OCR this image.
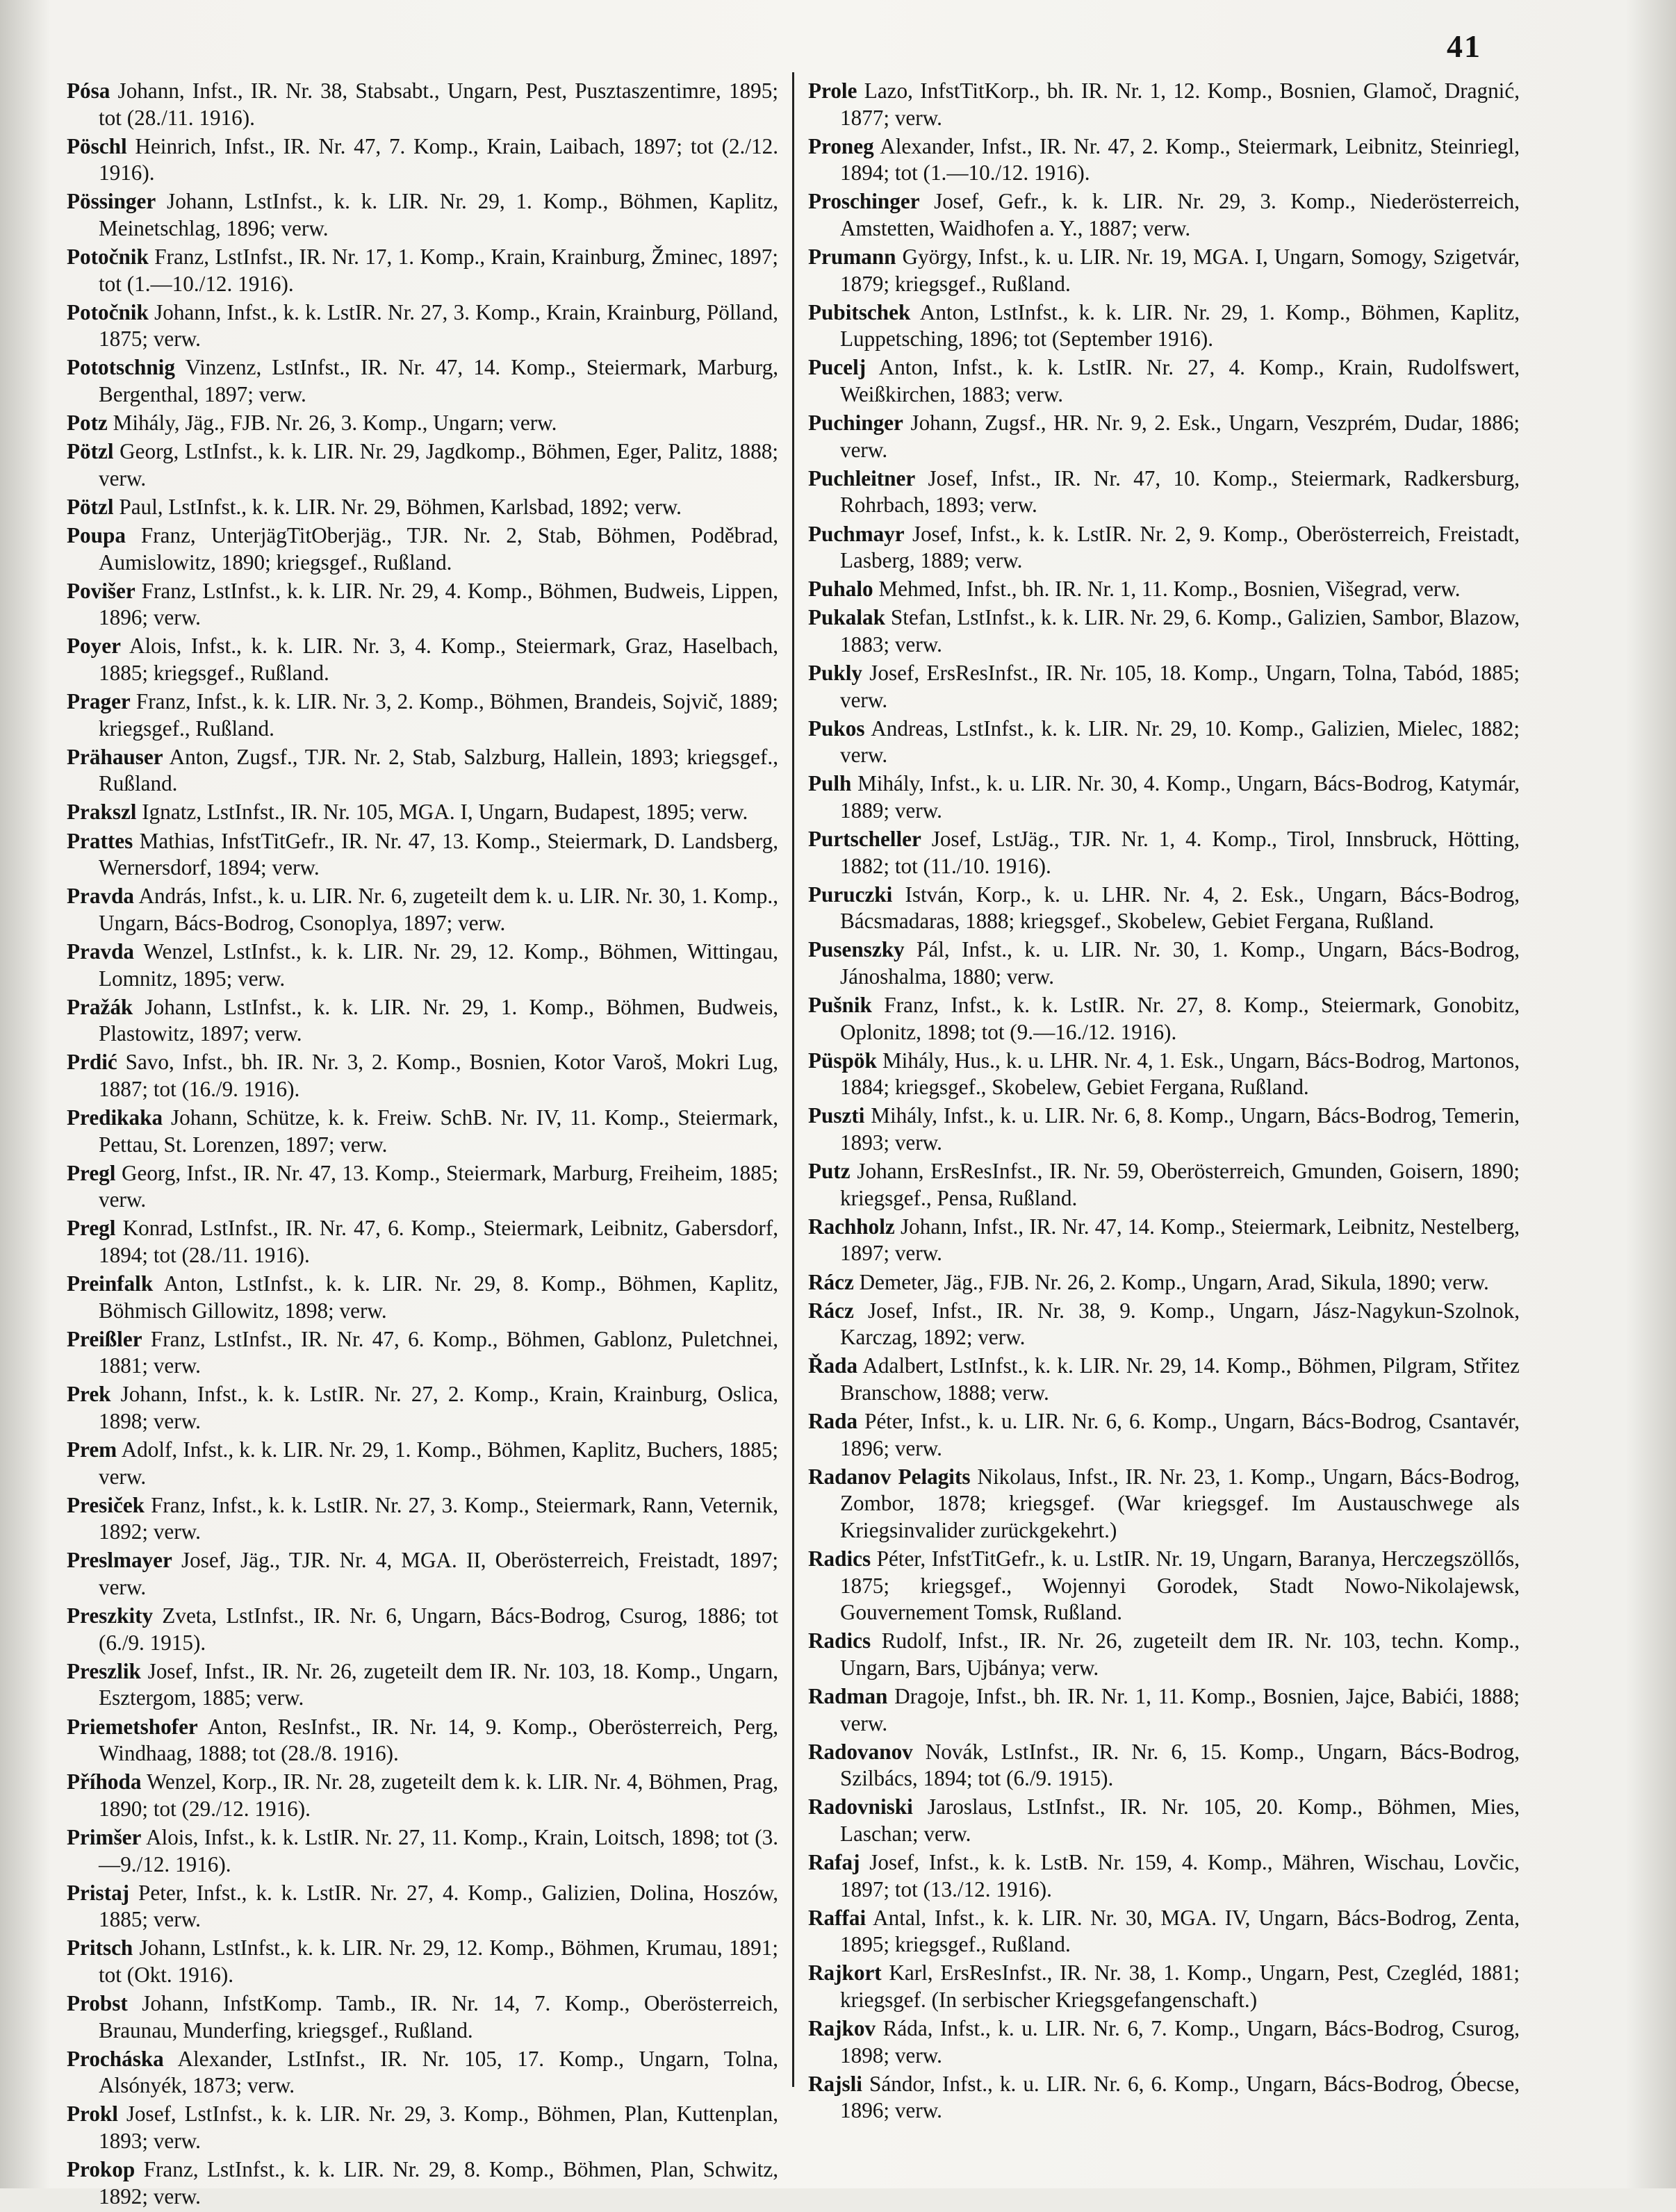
41

Pósa Johann, Infst., IR. Nr. 38, Stabsabt., Ungarn, Pest, Pusztaszentimre, 1895; tot (28./11. 1916).

Pöschl Heinrich, Infst., IR. Nr. 47, 7. Komp., Krain, Laibach, 1897; tot (2./12. 1916).

Pössinger Johann, LstInfst., k. k. LIR. Nr. 29, 1. Komp., Böhmen, Kaplitz, Meinetschlag, 1896; verw.

Potočnik Franz, LstInfst., IR. Nr. 17, 1. Komp., Krain, Krainburg, Žminec, 1897; tot (1.—10./12. 1916).

Potočnik Johann, Infst., k. k. LstIR. Nr. 27, 3. Komp., Krain, Krainburg, Pölland, 1875; verw.

Pototschnig Vinzenz, LstInfst., IR. Nr. 47, 14. Komp., Steiermark, Marburg, Bergenthal, 1897; verw.

Potz Mihály, Jäg., FJB. Nr. 26, 3. Komp., Ungarn; verw.

Pötzl Georg, LstInfst., k. k. LIR. Nr. 29, Jagdkomp., Böhmen, Eger, Palitz, 1888; verw.

Pötzl Paul, LstInfst., k. k. LIR. Nr. 29, Böhmen, Karlsbad, 1892; verw.

Poupa Franz, UnterjägTitOberjäg., TJR. Nr. 2, Stab, Böhmen, Poděbrad, Aumislowitz, 1890; kriegsgef., Rußland.

Povišer Franz, LstInfst., k. k. LIR. Nr. 29, 4. Komp., Böhmen, Budweis, Lippen, 1896; verw.

Poyer Alois, Infst., k. k. LIR. Nr. 3, 4. Komp., Steiermark, Graz, Haselbach, 1885; kriegsgef., Rußland.

Prager Franz, Infst., k. k. LIR. Nr. 3, 2. Komp., Böhmen, Brandeis, Sojvič, 1889; kriegsgef., Rußland.

Prähauser Anton, Zugsf., TJR. Nr. 2, Stab, Salzburg, Hallein, 1893; kriegsgef., Rußland.

Prakszl Ignatz, LstInfst., IR. Nr. 105, MGA. I, Ungarn, Budapest, 1895; verw.

Prattes Mathias, InfstTitGefr., IR. Nr. 47, 13. Komp., Steiermark, D. Landsberg, Wernersdorf, 1894; verw.

Pravda András, Infst., k. u. LIR. Nr. 6, zugeteilt dem k. u. LIR. Nr. 30, 1. Komp., Ungarn, Bács-Bodrog, Csonoplya, 1897; verw.

Pravda Wenzel, LstInfst., k. k. LIR. Nr. 29, 12. Komp., Böhmen, Wittingau, Lomnitz, 1895; verw.

Pražák Johann, LstInfst., k. k. LIR. Nr. 29, 1. Komp., Böhmen, Budweis, Plastowitz, 1897; verw.

Prdić Savo, Infst., bh. IR. Nr. 3, 2. Komp., Bosnien, Kotor Varoš, Mokri Lug, 1887; tot (16./9. 1916).

Predikaka Johann, Schütze, k. k. Freiw. SchB. Nr. IV, 11. Komp., Steiermark, Pettau, St. Lorenzen, 1897; verw.

Pregl Georg, Infst., IR. Nr. 47, 13. Komp., Steiermark, Marburg, Freiheim, 1885; verw.

Pregl Konrad, LstInfst., IR. Nr. 47, 6. Komp., Steiermark, Leibnitz, Gabersdorf, 1894; tot (28./11. 1916).

Preinfalk Anton, LstInfst., k. k. LIR. Nr. 29, 8. Komp., Böhmen, Kaplitz, Böhmisch Gillowitz, 1898; verw.

Preißler Franz, LstInfst., IR. Nr. 47, 6. Komp., Böhmen, Gablonz, Puletchnei, 1881; verw.

Prek Johann, Infst., k. k. LstIR. Nr. 27, 2. Komp., Krain, Krainburg, Oslica, 1898; verw.

Prem Adolf, Infst., k. k. LIR. Nr. 29, 1. Komp., Böhmen, Kaplitz, Buchers, 1885; verw.

Presiček Franz, Infst., k. k. LstIR. Nr. 27, 3. Komp., Steiermark, Rann, Veternik, 1892; verw.

Preslmayer Josef, Jäg., TJR. Nr. 4, MGA. II, Oberösterreich, Freistadt, 1897; verw.

Preszkity Zveta, LstInfst., IR. Nr. 6, Ungarn, Bács-Bodrog, Csurog, 1886; tot (6./9. 1915).

Preszlik Josef, Infst., IR. Nr. 26, zugeteilt dem IR. Nr. 103, 18. Komp., Ungarn, Esztergom, 1885; verw.

Priemetshofer Anton, ResInfst., IR. Nr. 14, 9. Komp., Oberösterreich, Perg, Windhaag, 1888; tot (28./8. 1916).

Příhoda Wenzel, Korp., IR. Nr. 28, zugeteilt dem k. k. LIR. Nr. 4, Böhmen, Prag, 1890; tot (29./12. 1916).

Primšer Alois, Infst., k. k. LstIR. Nr. 27, 11. Komp., Krain, Loitsch, 1898; tot (3.—9./12. 1916).

Pristaj Peter, Infst., k. k. LstIR. Nr. 27, 4. Komp., Galizien, Dolina, Hoszów, 1885; verw.

Pritsch Johann, LstInfst., k. k. LIR. Nr. 29, 12. Komp., Böhmen, Krumau, 1891; tot (Okt. 1916).

Probst Johann, InfstKomp. Tamb., IR. Nr. 14, 7. Komp., Oberösterreich, Braunau, Munderfing, kriegsgef., Rußland.

Procháska Alexander, LstInfst., IR. Nr. 105, 17. Komp., Ungarn, Tolna, Alsónyék, 1873; verw.

Prokl Josef, LstInfst., k. k. LIR. Nr. 29, 3. Komp., Böhmen, Plan, Kuttenplan, 1893; verw.

Prokop Franz, LstInfst., k. k. LIR. Nr. 29, 8. Komp., Böhmen, Plan, Schwitz, 1892; verw.

Prole Lazo, InfstTitKorp., bh. IR. Nr. 1, 12. Komp., Bosnien, Glamoč, Dragnić, 1877; verw.

Proneg Alexander, Infst., IR. Nr. 47, 2. Komp., Steiermark, Leibnitz, Steinriegl, 1894; tot (1.—10./12. 1916).

Proschinger Josef, Gefr., k. k. LIR. Nr. 29, 3. Komp., Niederösterreich, Amstetten, Waidhofen a. Y., 1887; verw.

Prumann György, Infst., k. u. LIR. Nr. 19, MGA. I, Ungarn, Somogy, Szigetvár, 1879; kriegsgef., Rußland.

Pubitschek Anton, LstInfst., k. k. LIR. Nr. 29, 1. Komp., Böhmen, Kaplitz, Luppetsching, 1896; tot (September 1916).

Pucelj Anton, Infst., k. k. LstIR. Nr. 27, 4. Komp., Krain, Rudolfswert, Weißkirchen, 1883; verw.

Puchinger Johann, Zugsf., HR. Nr. 9, 2. Esk., Ungarn, Veszprém, Dudar, 1886; verw.

Puchleitner Josef, Infst., IR. Nr. 47, 10. Komp., Steiermark, Radkersburg, Rohrbach, 1893; verw.

Puchmayr Josef, Infst., k. k. LstIR. Nr. 2, 9. Komp., Oberösterreich, Freistadt, Lasberg, 1889; verw.

Puhalo Mehmed, Infst., bh. IR. Nr. 1, 11. Komp., Bosnien, Višegrad, verw.

Pukalak Stefan, LstInfst., k. k. LIR. Nr. 29, 6. Komp., Galizien, Sambor, Blazow, 1883; verw.

Pukly Josef, ErsResInfst., IR. Nr. 105, 18. Komp., Ungarn, Tolna, Tabód, 1885; verw.

Pukos Andreas, LstInfst., k. k. LIR. Nr. 29, 10. Komp., Galizien, Mielec, 1882; verw.

Pulh Mihály, Infst., k. u. LIR. Nr. 30, 4. Komp., Ungarn, Bács-Bodrog, Katymár, 1889; verw.

Purtscheller Josef, LstJäg., TJR. Nr. 1, 4. Komp., Tirol, Innsbruck, Hötting, 1882; tot (11./10. 1916).

Puruczki István, Korp., k. u. LHR. Nr. 4, 2. Esk., Ungarn, Bács-Bodrog, Bácsmadaras, 1888; kriegsgef., Skobelew, Gebiet Fergana, Rußland.

Pusenszky Pál, Infst., k. u. LIR. Nr. 30, 1. Komp., Ungarn, Bács-Bodrog, Jánoshalma, 1880; verw.

Pušnik Franz, Infst., k. k. LstIR. Nr. 27, 8. Komp., Steiermark, Gonobitz, Oplonitz, 1898; tot (9.—16./12. 1916).

Püspök Mihály, Hus., k. u. LHR. Nr. 4, 1. Esk., Ungarn, Bács-Bodrog, Martonos, 1884; kriegsgef., Skobelew, Gebiet Fergana, Rußland.

Puszti Mihály, Infst., k. u. LIR. Nr. 6, 8. Komp., Ungarn, Bács-Bodrog, Temerin, 1893; verw.

Putz Johann, ErsResInfst., IR. Nr. 59, Oberösterreich, Gmunden, Goisern, 1890; kriegsgef., Pensa, Rußland.

Rachholz Johann, Infst., IR. Nr. 47, 14. Komp., Steiermark, Leibnitz, Nestelberg, 1897; verw.

Rácz Demeter, Jäg., FJB. Nr. 26, 2. Komp., Ungarn, Arad, Sikula, 1890; verw.

Rácz Josef, Infst., IR. Nr. 38, 9. Komp., Ungarn, Jász-Nagykun-Szolnok, Karczag, 1892; verw.

Řada Adalbert, LstInfst., k. k. LIR. Nr. 29, 14. Komp., Böhmen, Pilgram, Střitez Branschow, 1888; verw.

Rada Péter, Infst., k. u. LIR. Nr. 6, 6. Komp., Ungarn, Bács-Bodrog, Csantavér, 1896; verw.

Radanov Pelagits Nikolaus, Infst., IR. Nr. 23, 1. Komp., Ungarn, Bács-Bodrog, Zombor, 1878; kriegsgef. (War kriegsgef. Im Austauschwege als Kriegsinvalider zurückgekehrt.)

Radics Péter, InfstTitGefr., k. u. LstIR. Nr. 19, Ungarn, Baranya, Herczegszöllős, 1875; kriegsgef., Wojennyi Gorodek, Stadt Nowo-Nikolajewsk, Gouvernement Tomsk, Rußland.

Radics Rudolf, Infst., IR. Nr. 26, zugeteilt dem IR. Nr. 103, techn. Komp., Ungarn, Bars, Ujbánya; verw.

Radman Dragoje, Infst., bh. IR. Nr. 1, 11. Komp., Bosnien, Jajce, Babići, 1888; verw.

Radovanov Novák, LstInfst., IR. Nr. 6, 15. Komp., Ungarn, Bács-Bodrog, Szilbács, 1894; tot (6./9. 1915).

Radovniski Jaroslaus, LstInfst., IR. Nr. 105, 20. Komp., Böhmen, Mies, Laschan; verw.

Rafaj Josef, Infst., k. k. LstB. Nr. 159, 4. Komp., Mähren, Wischau, Lovčic, 1897; tot (13./12. 1916).

Raffai Antal, Infst., k. k. LIR. Nr. 30, MGA. IV, Ungarn, Bács-Bodrog, Zenta, 1895; kriegsgef., Rußland.

Rajkort Karl, ErsResInfst., IR. Nr. 38, 1. Komp., Ungarn, Pest, Czegléd, 1881; kriegsgef. (In serbischer Kriegsgefangenschaft.)

Rajkov Ráda, Infst., k. u. LIR. Nr. 6, 7. Komp., Ungarn, Bács-Bodrog, Csurog, 1898; verw.

Rajsli Sándor, Infst., k. u. LIR. Nr. 6, 6. Komp., Ungarn, Bács-Bodrog, Óbecse, 1896; verw.
